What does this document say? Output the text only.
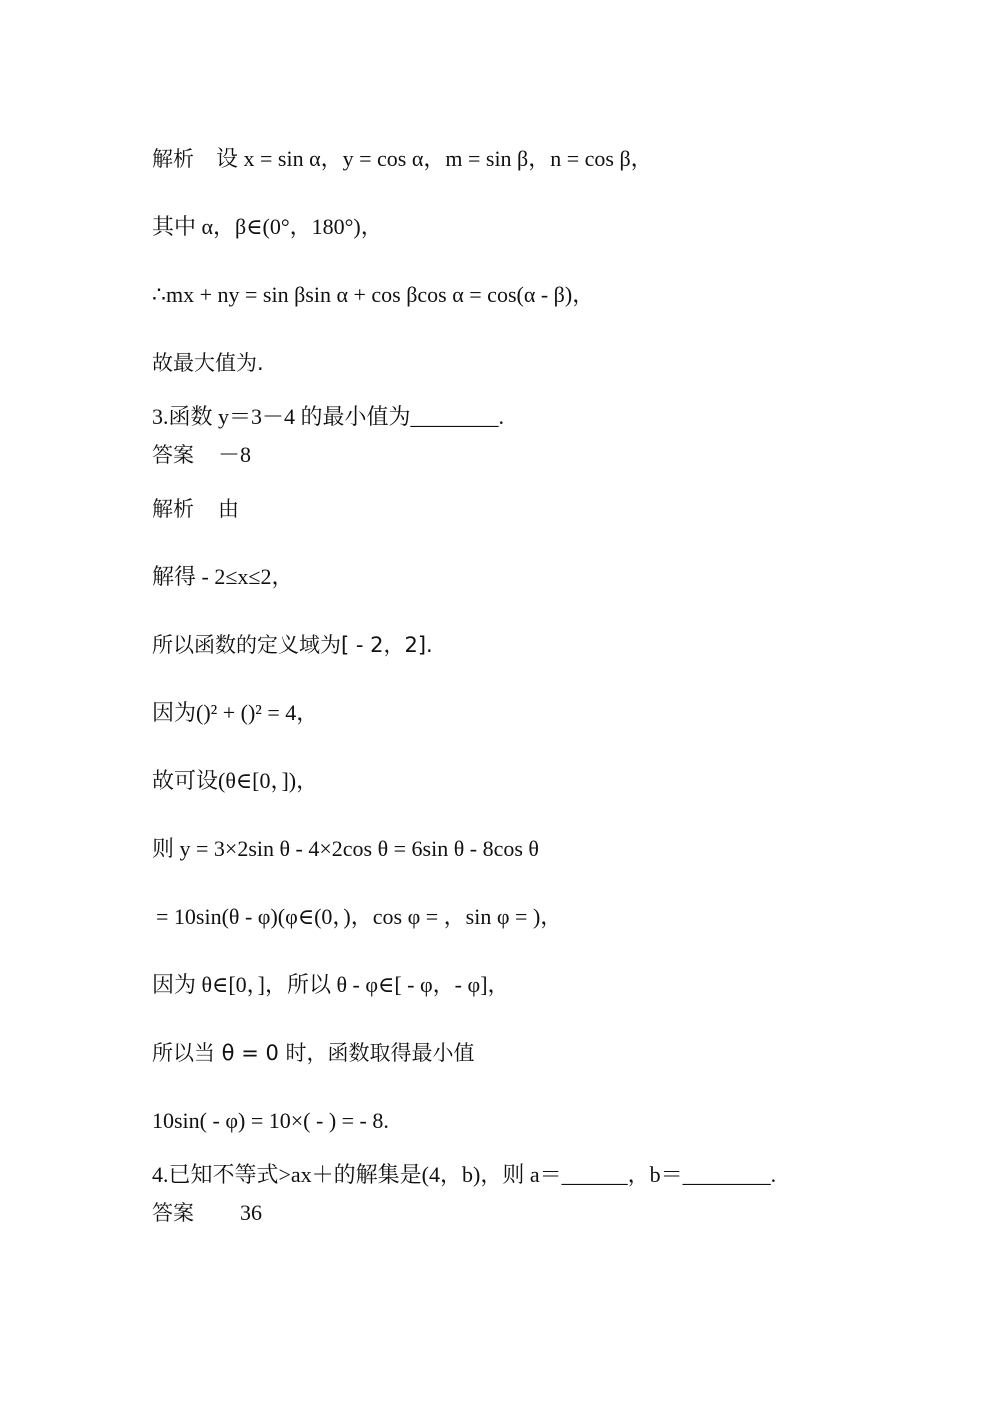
解析 设 x = sin α，y = cos α，m = sin β，n = cos β，
其中 α，β∈(0°，180°)，
∴mx + ny = sin βsin α + cos βcos α = cos(α - β)，
故最大值为.
3.函数 y＝3－4 的最小值为________.
答案 －8
解析 由
解得 - 2≤x≤2，
所以函数的定义域为[ - 2，2].
因为()² + ()² = 4，
故可设(θ∈[0，])，
则 y = 3×2sin θ - 4×2cos θ = 6sin θ - 8cos θ
= 10sin(θ - φ)(φ∈(0，)，cos φ = ，sin φ = )，
因为 θ∈[0，]，所以 θ - φ∈[ - φ，- φ]，
所以当 θ = 0 时，函数取得最小值
10sin( - φ) = 10×( - ) = - 8.
4.已知不等式>ax＋的解集是(4，b)，则 a＝______，b＝________.
答案 36
